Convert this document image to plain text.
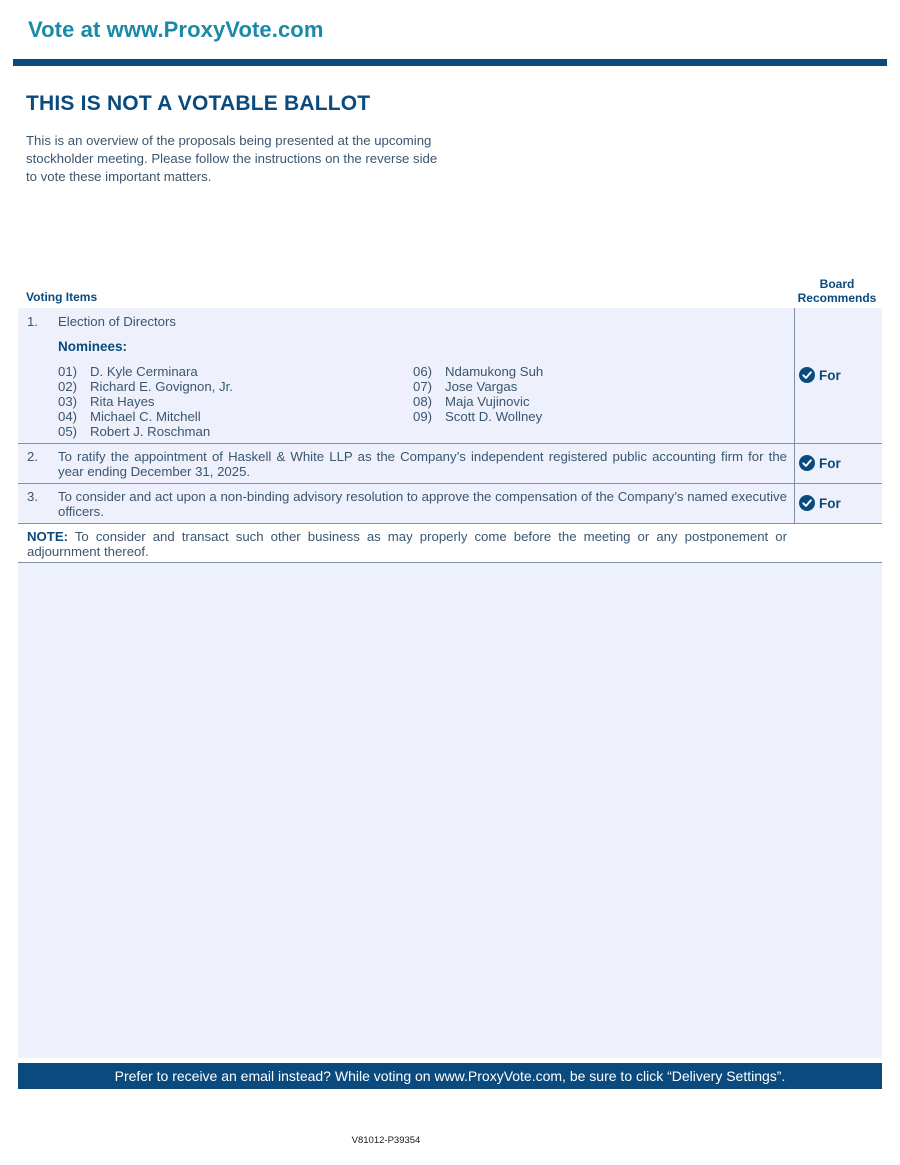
Vote at www.ProxyVote.com
THIS IS NOT A VOTABLE BALLOT

This is an overview of the proposals being presented at the upcoming stockholder meeting. Please follow the instructions on the reverse side to vote these important matters.

Voting Items
Board
Recommends
1. Election of Directors
Nominees:
01) D. Kyle Cerminara
02) Richard E. Govignon, Jr.
03) Rita Hayes
04) Michael C. Mitchell
05) Robert J. Roschman
06) Ndamukong Suh
07) Jose Vargas
08) Maja Vujinovic
09) Scott D. Wollney
For
2. To ratify the appointment of Haskell & White LLP as the Company’s independent registered public accounting firm for the year ending December 31, 2025.
For
3. To consider and act upon a non-binding advisory resolution to approve the compensation of the Company’s named executive officers.
For

NOTE: To consider and transact such other business as may properly come before the meeting or any postponement or adjournment thereof.

Prefer to receive an email instead? While voting on www.ProxyVote.com, be sure to click “Delivery Settings”.
V81012-P39354
